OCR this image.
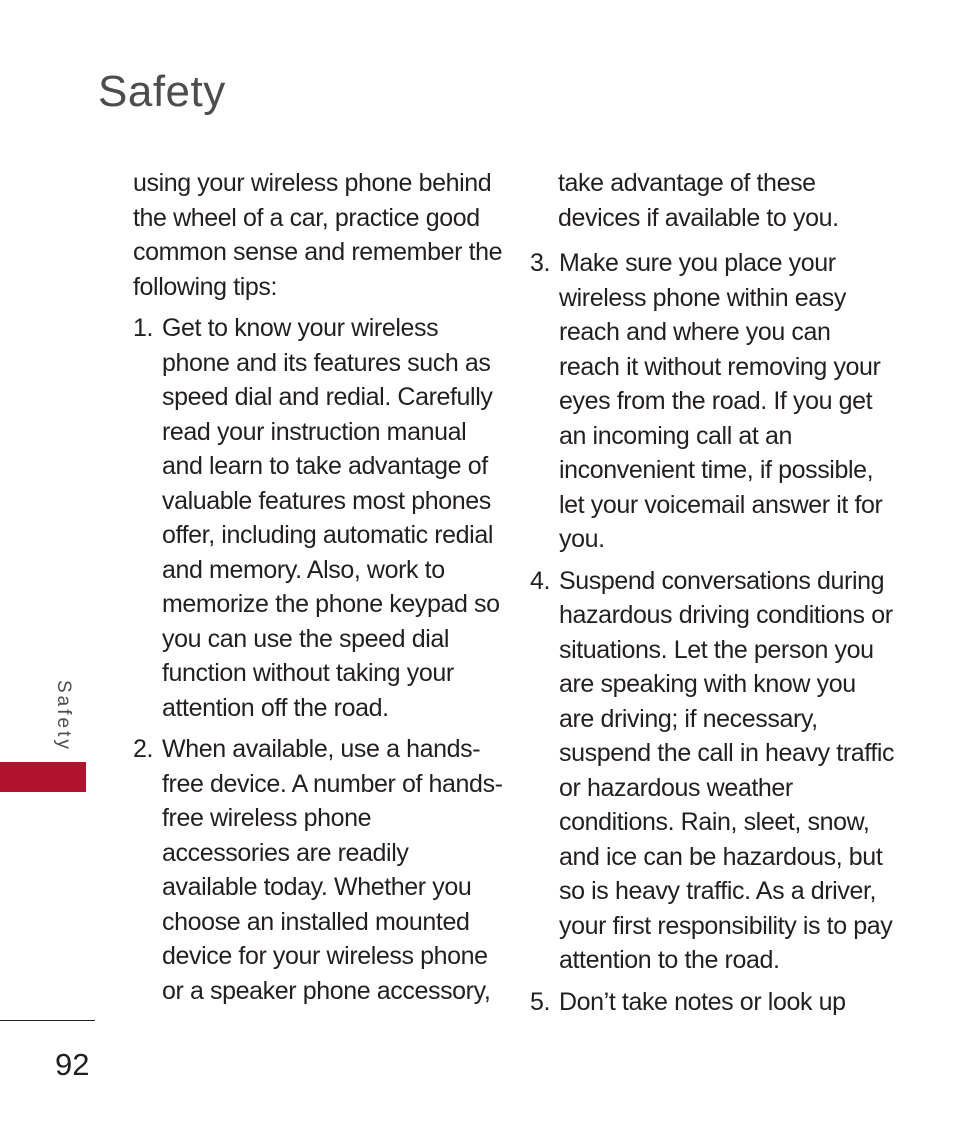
Safety

using your wireless phone behind the wheel of a car, practice good common sense and remember the following tips:

1. Get to know your wireless phone and its features such as speed dial and redial. Carefully read your instruction manual and learn to take advantage of valuable features most phones offer, including automatic redial and memory. Also, work to memorize the phone keypad so you can use the speed dial function without taking your attention off the road.
2. When available, use a hands-free device. A number of hands-free wireless phone accessories are readily available today. Whether you choose an installed mounted device for your wireless phone or a speaker phone accessory,

take advantage of these devices if available to you.

3. Make sure you place your wireless phone within easy reach and where you can reach it without removing your eyes from the road. If you get an incoming call at an inconvenient time, if possible, let your voicemail answer it for you.
4. Suspend conversations during hazardous driving conditions or situations. Let the person you are speaking with know you are driving; if necessary, suspend the call in heavy traffic or hazardous weather conditions. Rain, sleet, snow, and ice can be hazardous, but so is heavy traffic. As a driver, your first responsibility is to pay attention to the road.
5. Don’t take notes or look up
Safety
92
